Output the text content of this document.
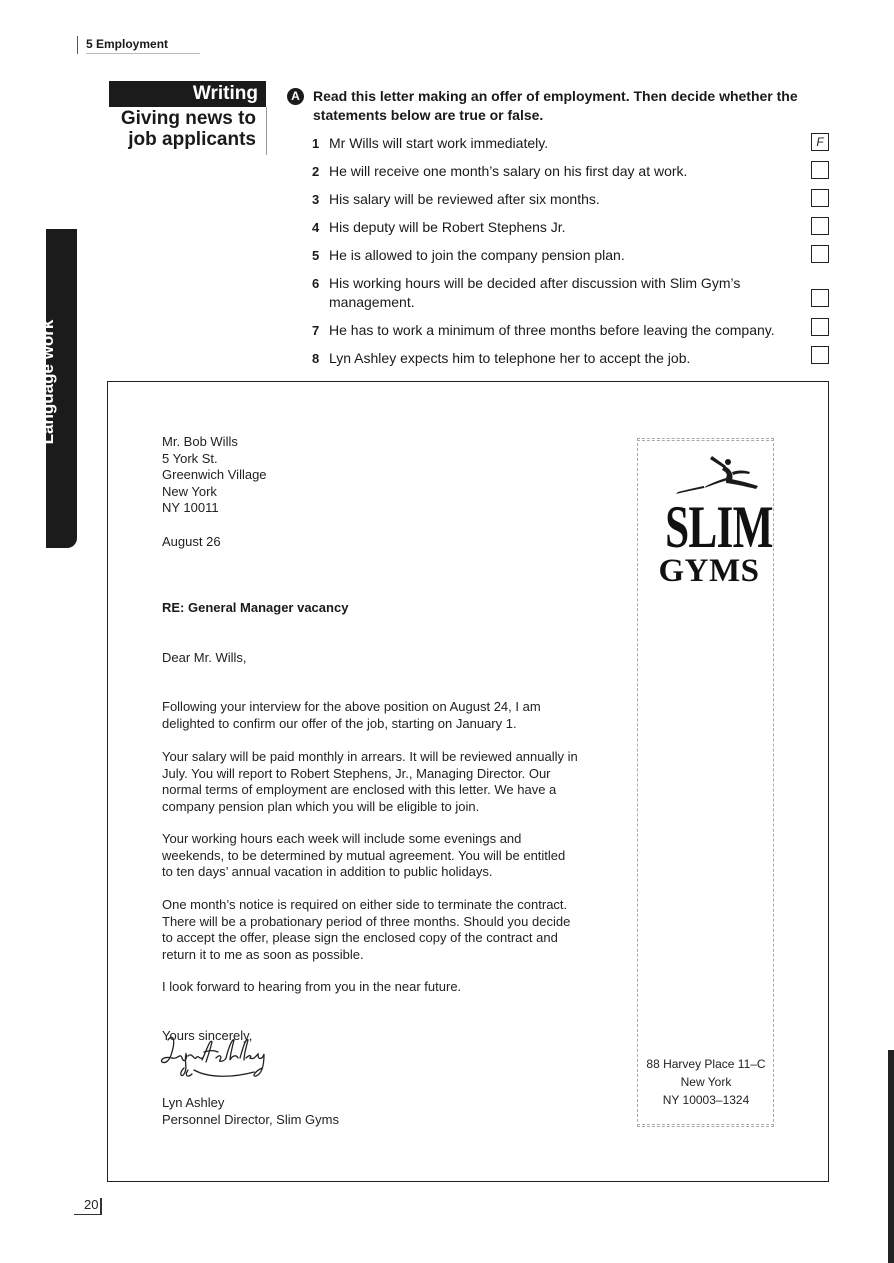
5 Employment
Language work
Writing
Giving news to
job applicants
A Read this letter making an offer of employment. Then decide whether the
statements below are true or false.
1 Mr Wills will start work immediately.	F
2 He will receive one month’s salary on his first day at work.
3 His salary will be reviewed after six months.
4 His deputy will be Robert Stephens Jr.
5 He is allowed to join the company pension plan.
6 His working hours will be decided after discussion with Slim Gym’s management.
7 He has to work a minimum of three months before leaving the company.
8 Lyn Ashley expects him to telephone her to accept the job.
Mr. Bob Wills
5 York St.
Greenwich Village
New York
NY 10011
August 26
RE: General Manager vacancy
Dear Mr. Wills,
Following your interview for the above position on August 24, I am
delighted to confirm our offer of the job, starting on January 1.
Your salary will be paid monthly in arrears. It will be reviewed annually in
July. You will report to Robert Stephens, Jr., Managing Director. Our
normal terms of employment are enclosed with this letter. We have a
company pension plan which you will be eligible to join.
Your working hours each week will include some evenings and
weekends, to be determined by mutual agreement. You will be entitled
to ten days’ annual vacation in addition to public holidays.
One month’s notice is required on either side to terminate the contract.
There will be a probationary period of three months. Should you decide
to accept the offer, please sign the enclosed copy of the contract and
return it to me as soon as possible.
I look forward to hearing from you in the near future.
Yours sincerely,
Lyn Ashley
Personnel Director, Slim Gyms
SLIM
GYMS
88 Harvey Place 11–C
New York
NY 10003–1324
20
